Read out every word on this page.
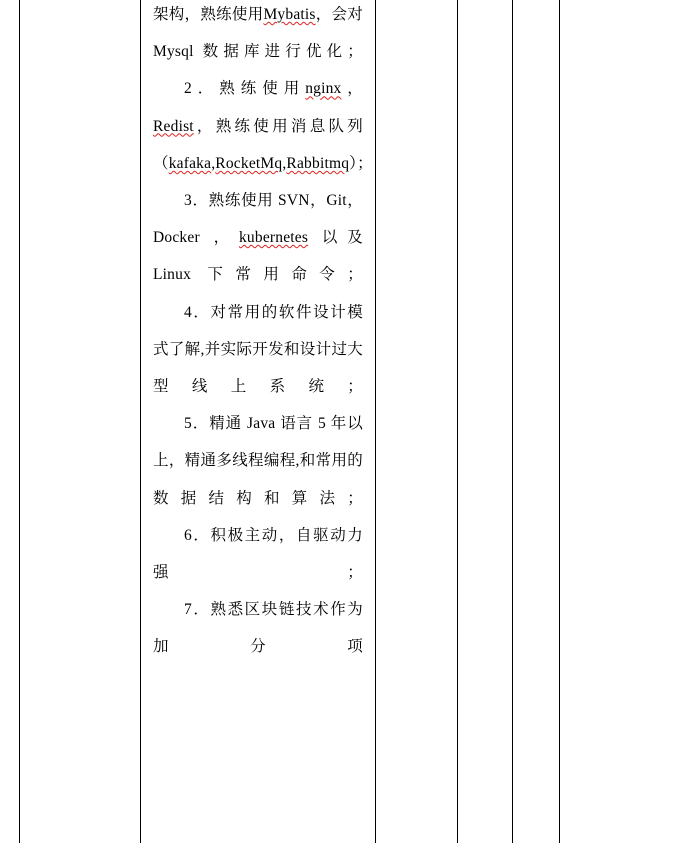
架构，熟练使用Mybatis，会对 Mysql 数据库进行优化；

2．熟练使用nginx，Redist，熟练使用消息队列（kafaka,RocketMq,Rabbitmq）；

3．熟练使用 SVN，Git， Docker ，kubernetes 以及 Linux 下常用命令；

4．对常用的软件设计模式了解,并实际开发和设计过大型线上系统；

5．精通 Java 语言 5 年以上，精通多线程编程,和常用的数据结构和算法；

6．积极主动，自驱动力强；

7．熟悉区块链技术作为加分项
